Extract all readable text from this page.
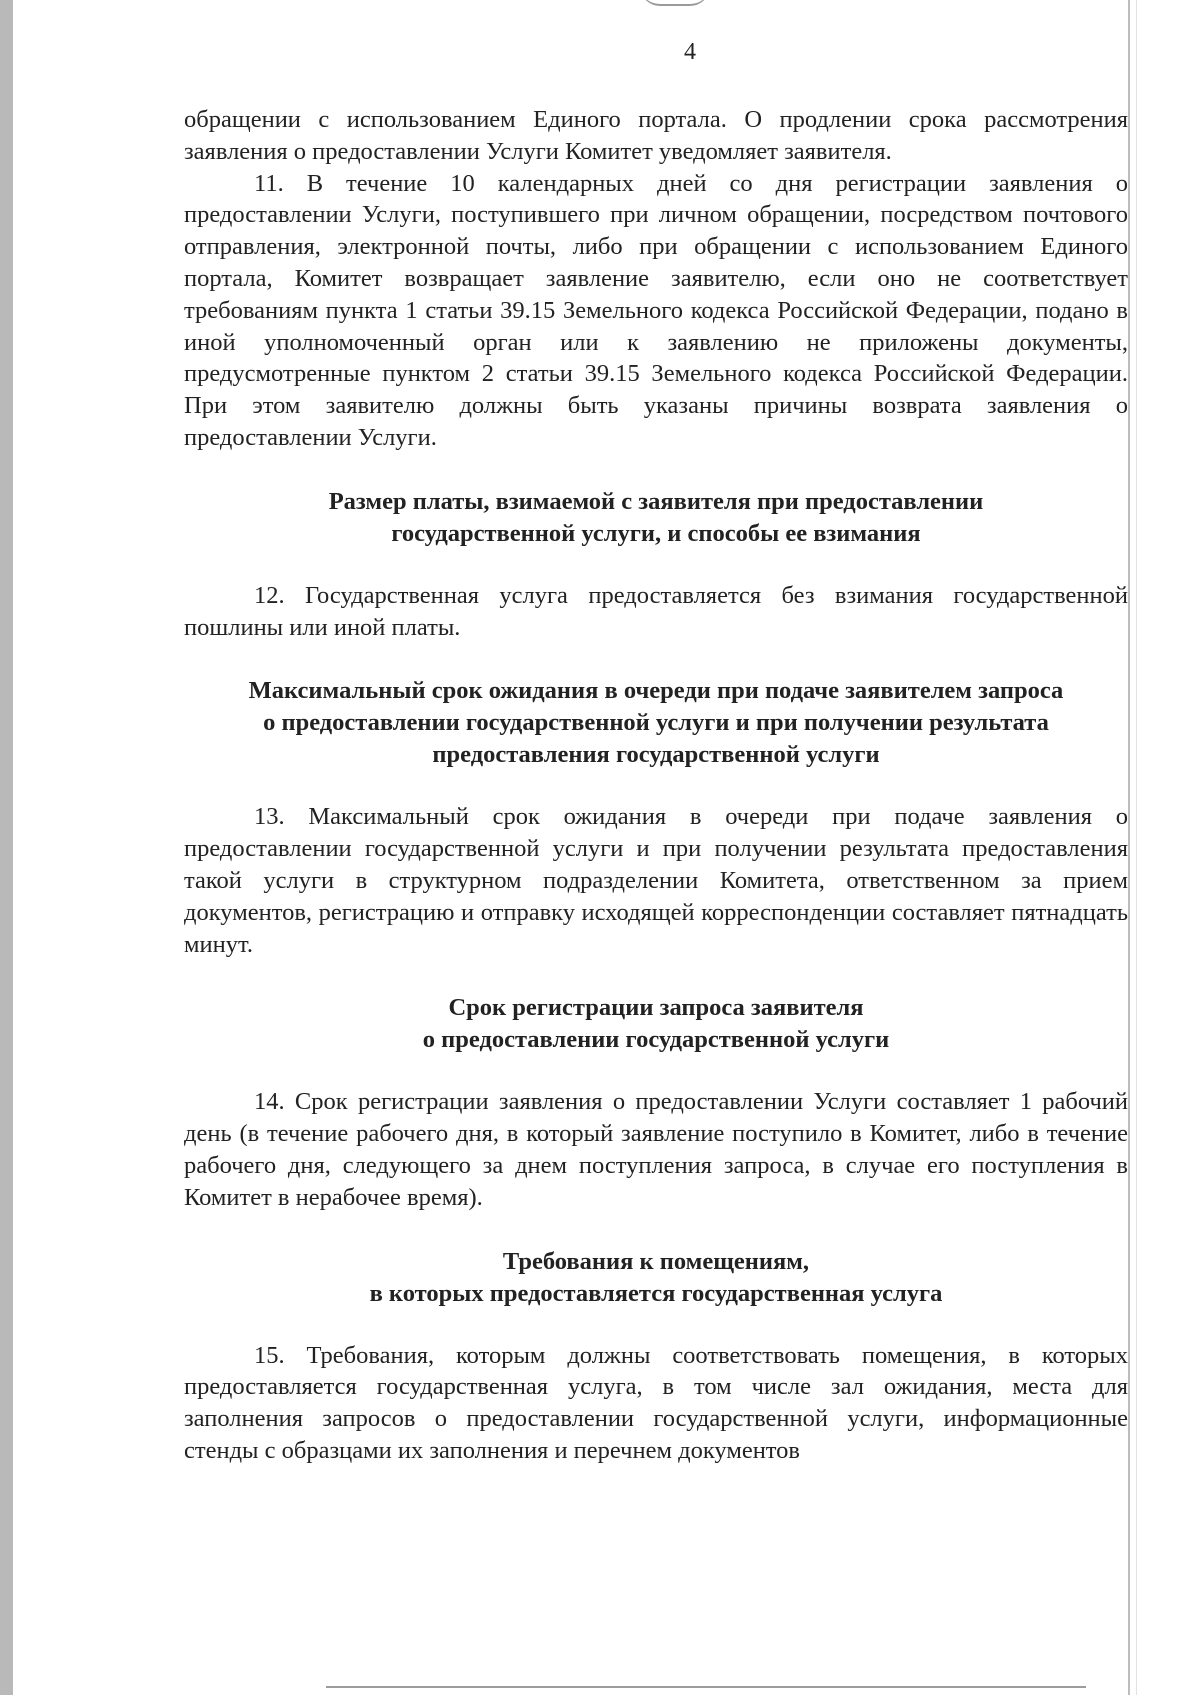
4

обращении с использованием Единого портала. О продлении срока рассмотрения заявления о предоставлении Услуги Комитет уведомляет заявителя.

11. В течение 10 календарных дней со дня регистрации заявления о предоставлении Услуги, поступившего при личном обращении, посредством почтового отправления, электронной почты, либо при обращении с использованием Единого портала, Комитет возвращает заявление заявителю, если оно не соответствует требованиям пункта 1 статьи 39.15 Земельного кодекса Российской Федерации, подано в иной уполномоченный орган или к заявлению не приложены документы, предусмотренные пунктом 2 статьи 39.15 Земельного кодекса Российской Федерации. При этом заявителю должны быть указаны причины возврата заявления о предоставлении Услуги.

Размер платы, взимаемой с заявителя при предоставлении
государственной услуги, и способы ее взимания

12. Государственная услуга предоставляется без взимания государственной пошлины или иной платы.

Максимальный срок ожидания в очереди при подаче заявителем запроса
о предоставлении государственной услуги и при получении результата
предоставления государственной услуги

13. Максимальный срок ожидания в очереди при подаче заявления о предоставлении государственной услуги и при получении результата предоставления такой услуги в структурном подразделении Комитета, ответственном за прием документов, регистрацию и отправку исходящей корреспонденции составляет пятнадцать минут.

Срок регистрации запроса заявителя
о предоставлении государственной услуги

14. Срок регистрации заявления о предоставлении Услуги составляет 1 рабочий день (в течение рабочего дня, в который заявление поступило в Комитет, либо в течение рабочего дня, следующего за днем поступления запроса, в случае его поступления в Комитет в нерабочее время).

Требования к помещениям,
в которых предоставляется государственная услуга

15. Требования, которым должны соответствовать помещения, в которых предоставляется государственная услуга, в том числе зал ожидания, места для заполнения запросов о предоставлении государственной услуги, информационные стенды с образцами их заполнения и перечнем документов
